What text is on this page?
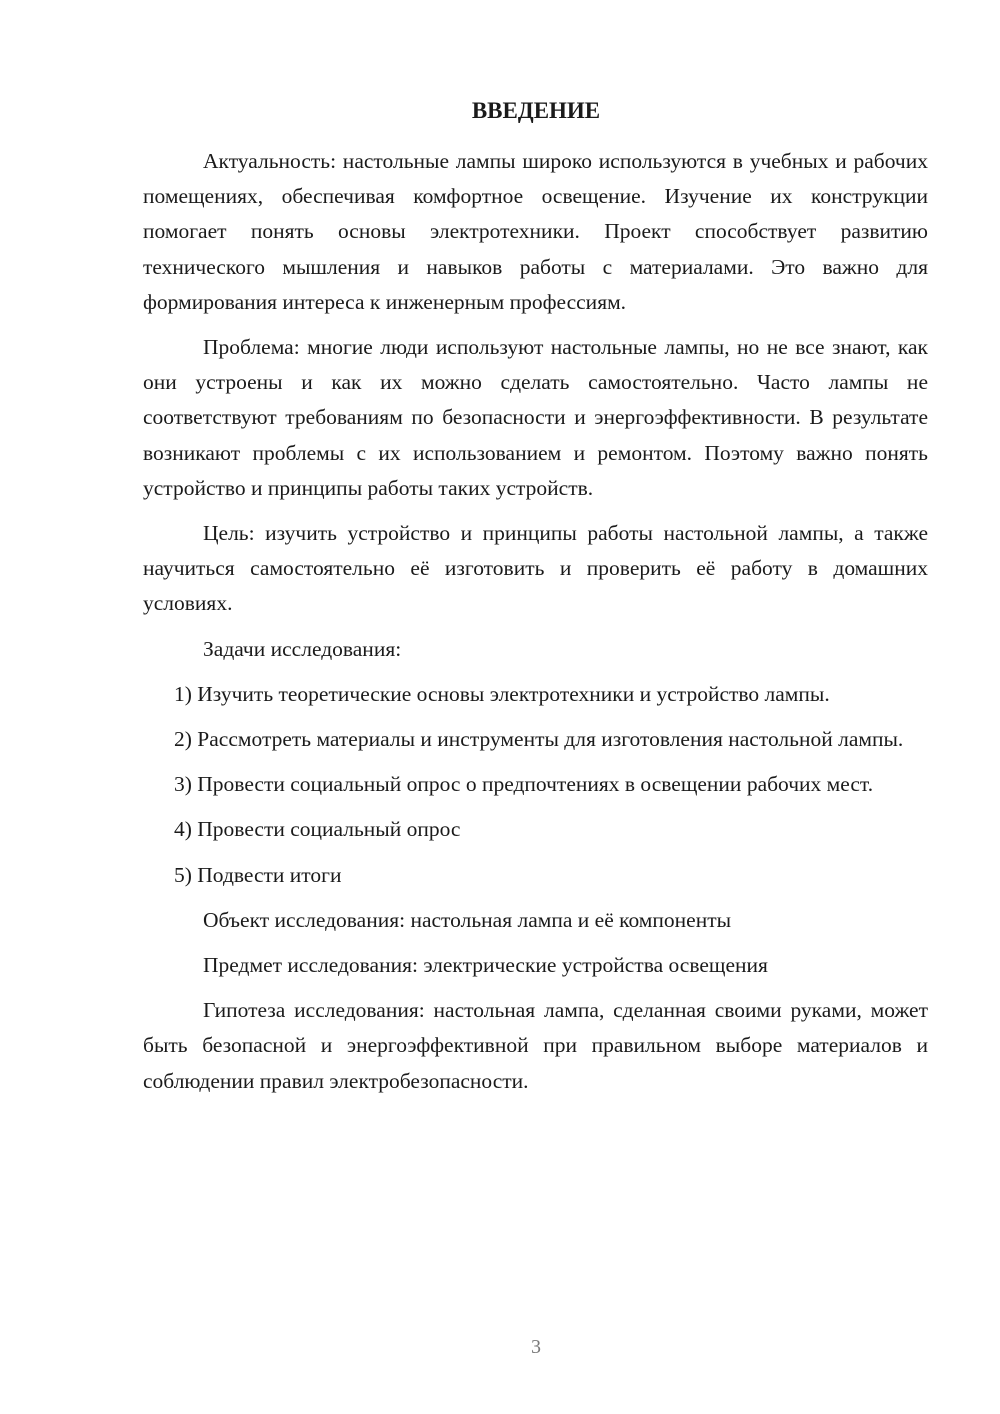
ВВЕДЕНИЕ

Актуальность: настольные лампы широко используются в учебных и рабочих помещениях, обеспечивая комфортное освещение. Изучение их конструкции помогает понять основы электротехники. Проект способствует развитию технического мышления и навыков работы с материалами. Это важно для формирования интереса к инженерным профессиям.

Проблема: многие люди используют настольные лампы, но не все знают, как они устроены и как их можно сделать самостоятельно. Часто лампы не соответствуют требованиям по безопасности и энергоэффективности. В результате возникают проблемы с их использованием и ремонтом. Поэтому важно понять устройство и принципы работы таких устройств.

Цель: изучить устройство и принципы работы настольной лампы, а также научиться самостоятельно её изготовить и проверить её работу в домашних условиях.

Задачи исследования:

1) Изучить теоретические основы электротехники и устройство лампы.

2) Рассмотреть материалы и инструменты для изготовления настольной лампы.

3) Провести социальный опрос о предпочтениях в освещении рабочих мест.

4) Провести социальный опрос

5) Подвести итоги

Объект исследования: настольная лампа и её компоненты

Предмет исследования: электрические устройства освещения

Гипотеза исследования: настольная лампа, сделанная своими руками, может быть безопасной и энергоэффективной при правильном выборе материалов и соблюдении правил электробезопасности.

3
